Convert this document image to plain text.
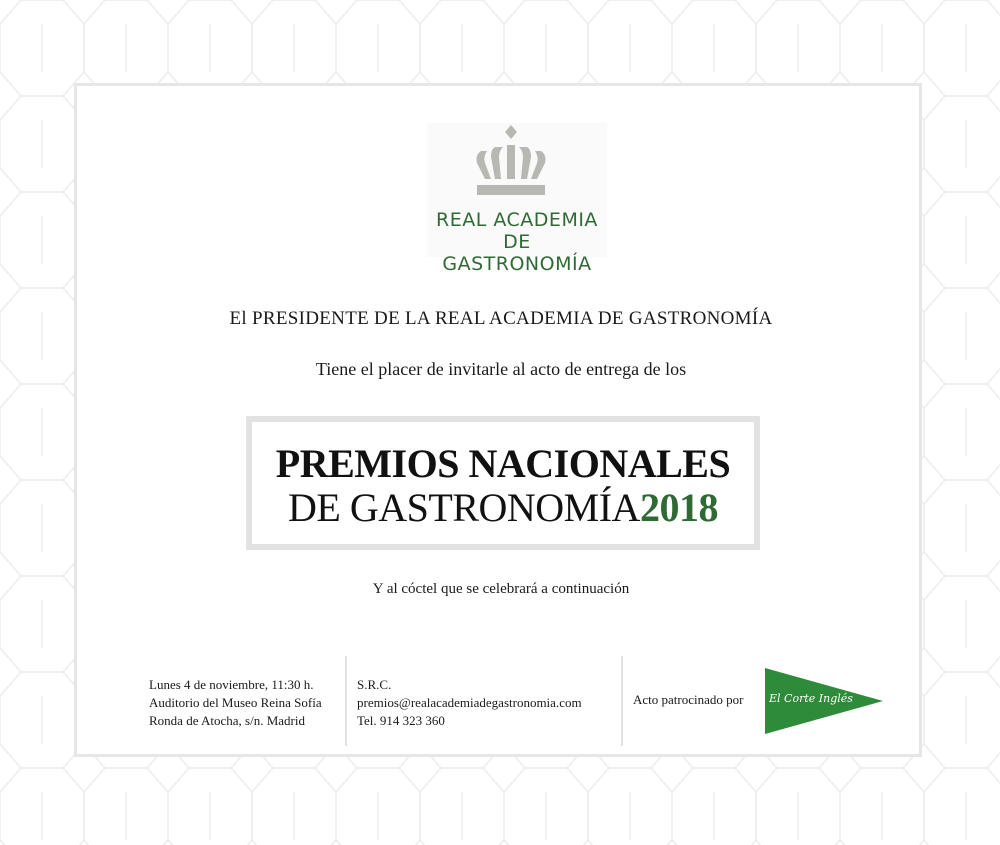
REAL ACADEMIA
DE GASTRONOMÍA
El PRESIDENTE DE LA REAL ACADEMIA DE GASTRONOMÍA
Tiene el placer de invitarle al acto de entrega de los
PREMIOS NACIONALES
DE GASTRONOMÍA2018
Y al cóctel que se celebrará a continuación
Lunes 4 de noviembre, 11:30 h.
Auditorio del Museo Reina Sofía
Ronda de Atocha, s/n. Madrid
S.R.C.
premios@realacademiadegastronomia.com
Tel. 914 323 360
Acto patrocinado por El Corte Inglés
